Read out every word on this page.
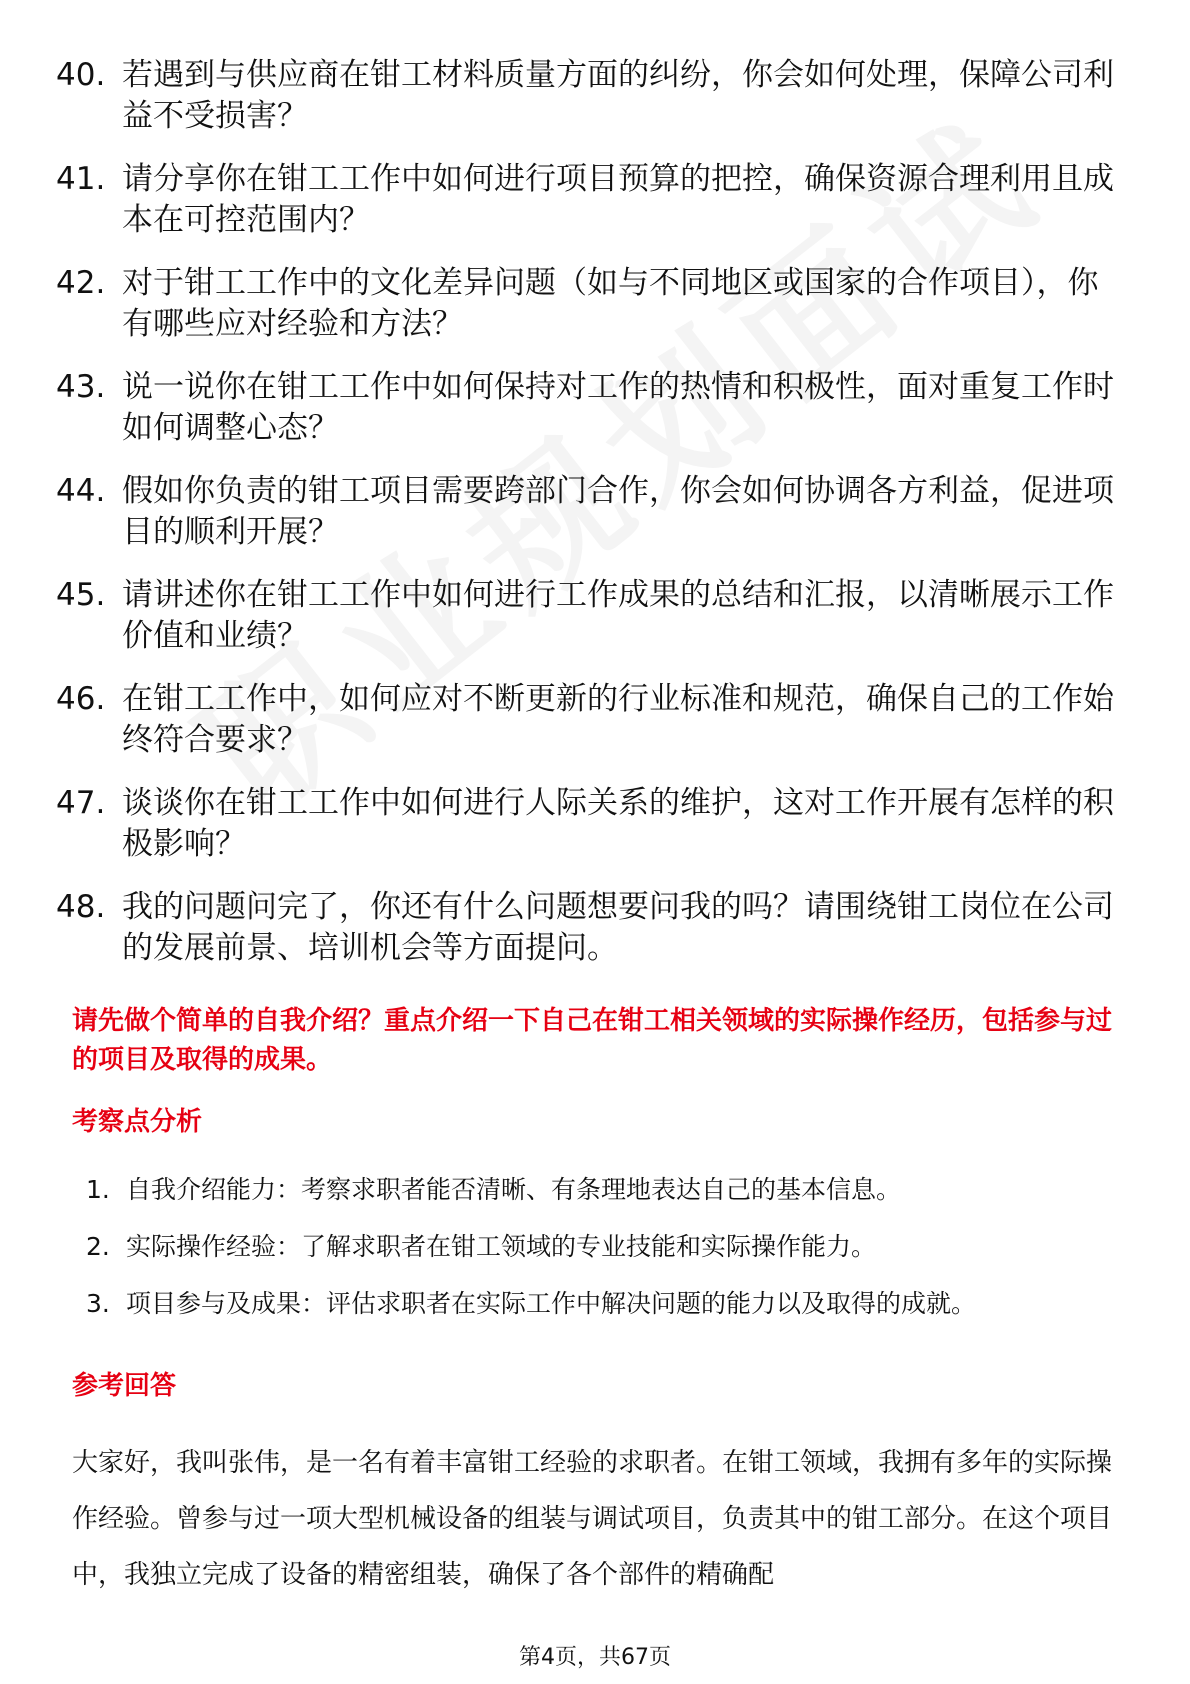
40. 若遇到与供应商在钳工材料质量方面的纠纷，你会如何处理，保障公司利益不受损害？
41. 请分享你在钳工工作中如何进行项目预算的把控，确保资源合理利用且成本在可控范围内？
42. 对于钳工工作中的文化差异问题（如与不同地区或国家的合作项目），你有哪些应对经验和方法？
43. 说一说你在钳工工作中如何保持对工作的热情和积极性，面对重复工作时如何调整心态？
44. 假如你负责的钳工项目需要跨部门合作，你会如何协调各方利益，促进项目的顺利开展？
45. 请讲述你在钳工工作中如何进行工作成果的总结和汇报，以清晰展示工作价值和业绩？
46. 在钳工工作中，如何应对不断更新的行业标准和规范，确保自己的工作始终符合要求？
47. 谈谈你在钳工工作中如何进行人际关系的维护，这对工作开展有怎样的积极影响？
48. 我的问题问完了，你还有什么问题想要问我的吗？请围绕钳工岗位在公司的发展前景、培训机会等方面提问。
请先做个简单的自我介绍？重点介绍一下自己在钳工相关领域的实际操作经历，包括参与过的项目及取得的成果。
考察点分析
1. 自我介绍能力：考察求职者能否清晰、有条理地表达自己的基本信息。
2. 实际操作经验：了解求职者在钳工领域的专业技能和实际操作能力。
3. 项目参与及成果：评估求职者在实际工作中解决问题的能力以及取得的成就。
参考回答

大家好，我叫张伟，是一名有着丰富钳工经验的求职者。在钳工领域，我拥有多年的实际操作经验。曾参与过一项大型机械设备的组装与调试项目，负责其中的钳工部分。在这个项目中，我独立完成了设备的精密组装，确保了各个部件的精确配

第4页，共67页
